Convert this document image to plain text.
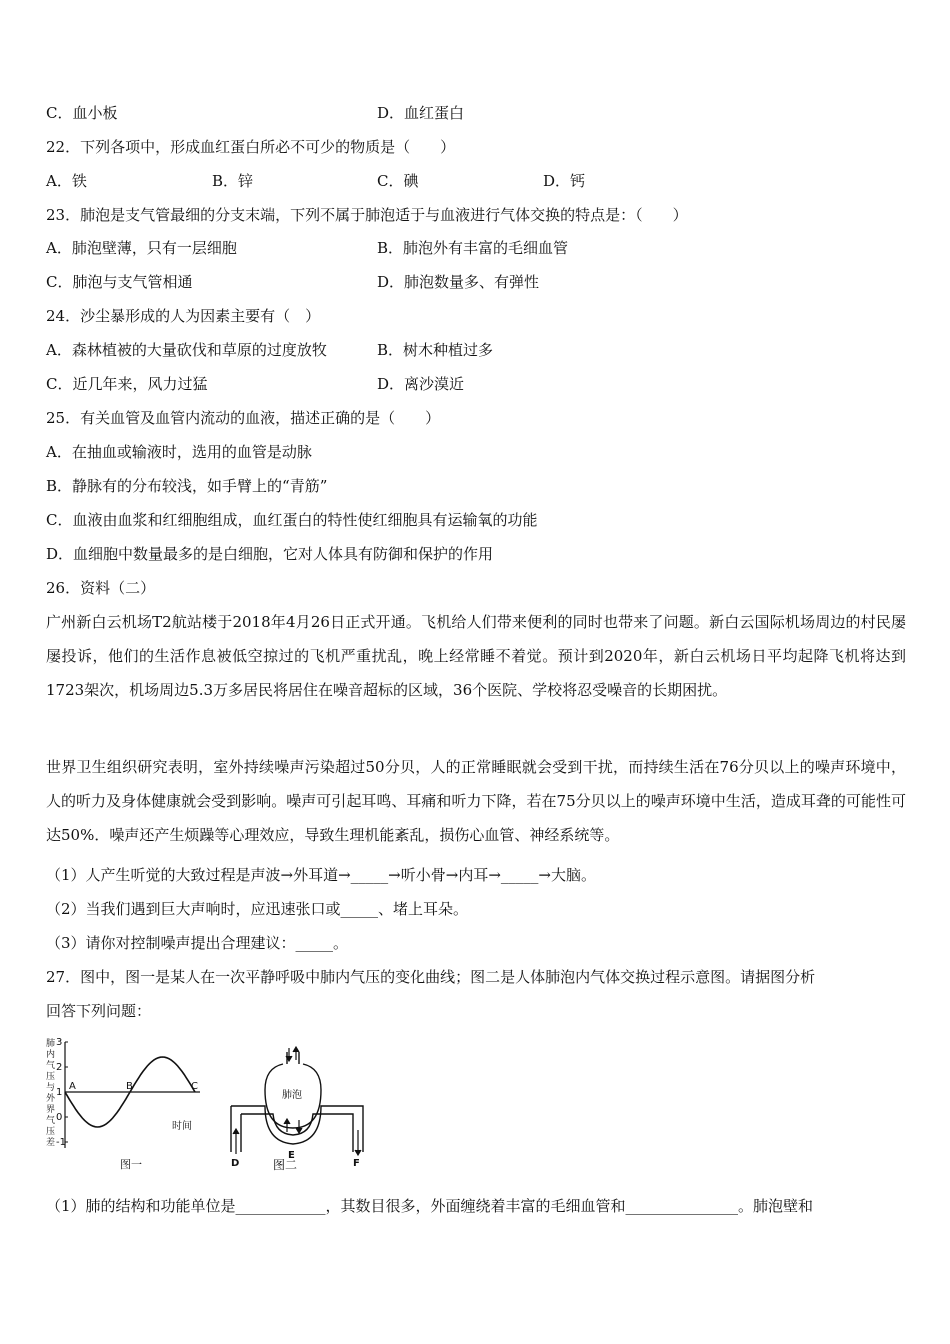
C．血小板	D．血红蛋白
22．下列各项中，形成血红蛋白所必不可少的物质是（　　）
A．铁	B．锌	C．碘	D．钙
23．肺泡是支气管最细的分支末端，下列不属于肺泡适于与血液进行气体交换的特点是：（　　）
A．肺泡壁薄，只有一层细胞	B．肺泡外有丰富的毛细血管
C．肺泡与支气管相通	D．肺泡数量多、有弹性
24．沙尘暴形成的人为因素主要有（　）
A．森林植被的大量砍伐和草原的过度放牧	B．树木种植过多
C．近几年来，风力过猛	D．离沙漠近
25．有关血管及血管内流动的血液，描述正确的是（　　）
A．在抽血或输液时，选用的血管是动脉
B．静脉有的分布较浅，如手臂上的“青筋”
C．血液由血浆和红细胞组成，血红蛋白的特性使红细胞具有运输氧的功能
D．血细胞中数量最多的是白细胞，它对人体具有防御和保护的作用
26．资料（二）
广州新白云机场T2航站楼于2018年4月26日正式开通。飞机给人们带来便利的同时也带来了问题。新白云国际机场周边的村民屡屡投诉，他们的生活作息被低空掠过的飞机严重扰乱，晚上经常睡不着觉。预计到2020年，新白云机场日平均起降飞机将达到1723架次，机场周边5.3万多居民将居住在噪音超标的区域，36个医院、学校将忍受噪音的长期困扰。
世界卫生组织研究表明，室外持续噪声污染超过50分贝，人的正常睡眠就会受到干扰，而持续生活在76分贝以上的噪声环境中，人的听力及身体健康就会受到影响。噪声可引起耳鸣、耳痛和听力下降，若在75分贝以上的噪声环境中生活，造成耳聋的可能性可达50%．噪声还产生烦躁等心理效应，导致生理机能紊乱，损伤心血管、神经系统等。
（1）人产生听觉的大致过程是声波→外耳道→_____→听小骨→内耳→_____→大脑。
（2）当我们遇到巨大声响时，应迅速张口或_____、堵上耳朵。
（3）请你对控制噪声提出合理建议：_____。
27．图中，图一是某人在一次平静呼吸中肺内气压的变化曲线；图二是人体肺泡内气体交换过程示意图。请据图分析
回答下列问题：
肺
内
气
压
与
外
界
气
压
差
3
2
1
0
-1
A	B	C
时间
图一
肺泡
D
E
F
图二
（1）肺的结构和功能单位是____________，其数目很多，外面缠绕着丰富的毛细血管和_______________。肺泡壁和
